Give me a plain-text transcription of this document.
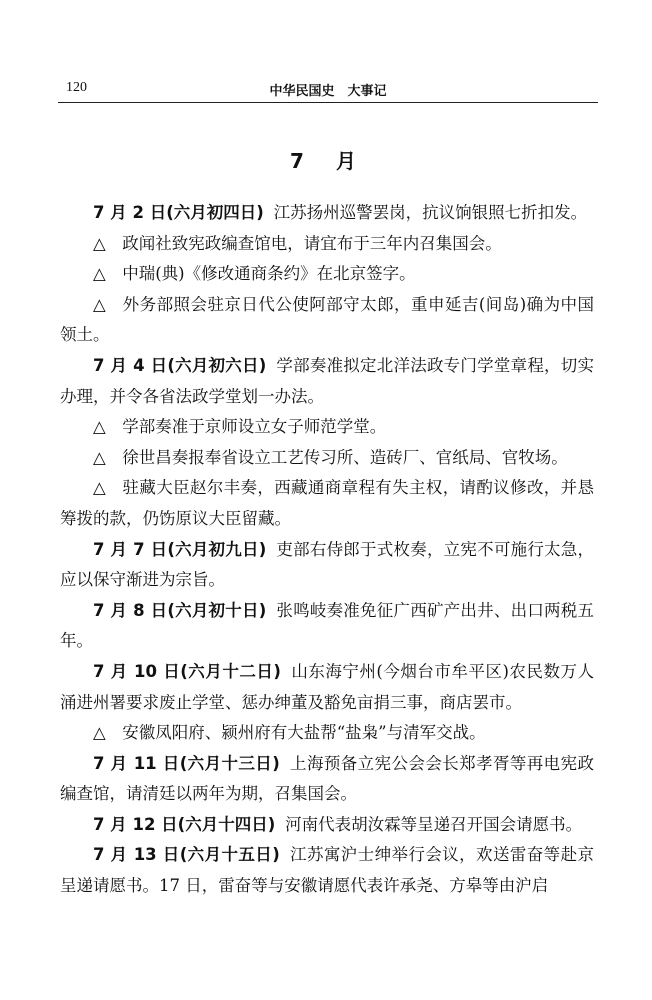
120	中华民国史　大事记
7　月

7 月 2 日(六月初四日) 江苏扬州巡警罢岗，抗议饷银照七折扣发。

△ 政闻社致宪政编查馆电，请宜布于三年内召集国会。

△ 中瑞(典)《修改通商条约》在北京签字。

△ 外务部照会驻京日代公使阿部守太郎，重申延吉(间岛)确为中国领土。

7 月 4 日(六月初六日) 学部奏准拟定北洋法政专门学堂章程，切实办理，并令各省法政学堂划一办法。

△ 学部奏准于京师设立女子师范学堂。

△ 徐世昌奏报奉省设立工艺传习所、造砖厂、官纸局、官牧场。

△ 驻藏大臣赵尔丰奏，西藏通商章程有失主权，请酌议修改，并恳筹拨的款，仍饬原议大臣留藏。

7 月 7 日(六月初九日) 吏部右侍郎于式枚奏，立宪不可施行太急，应以保守渐进为宗旨。

7 月 8 日(六月初十日) 张鸣岐奏准免征广西矿产出井、出口两税五年。

7 月 10 日(六月十二日) 山东海宁州(今烟台市牟平区)农民数万人涌进州署要求废止学堂、惩办绅董及豁免亩捐三事，商店罢市。

△ 安徽凤阳府、颍州府有大盐帮“盐枭”与清军交战。

7 月 11 日(六月十三日) 上海预备立宪公会会长郑孝胥等再电宪政编查馆，请清廷以两年为期，召集国会。

7 月 12 日(六月十四日) 河南代表胡汝霖等呈递召开国会请愿书。

7 月 13 日(六月十五日) 江苏寓沪士绅举行会议，欢送雷奋等赴京呈递请愿书。17 日，雷奋等与安徽请愿代表许承尧、方皋等由沪启
